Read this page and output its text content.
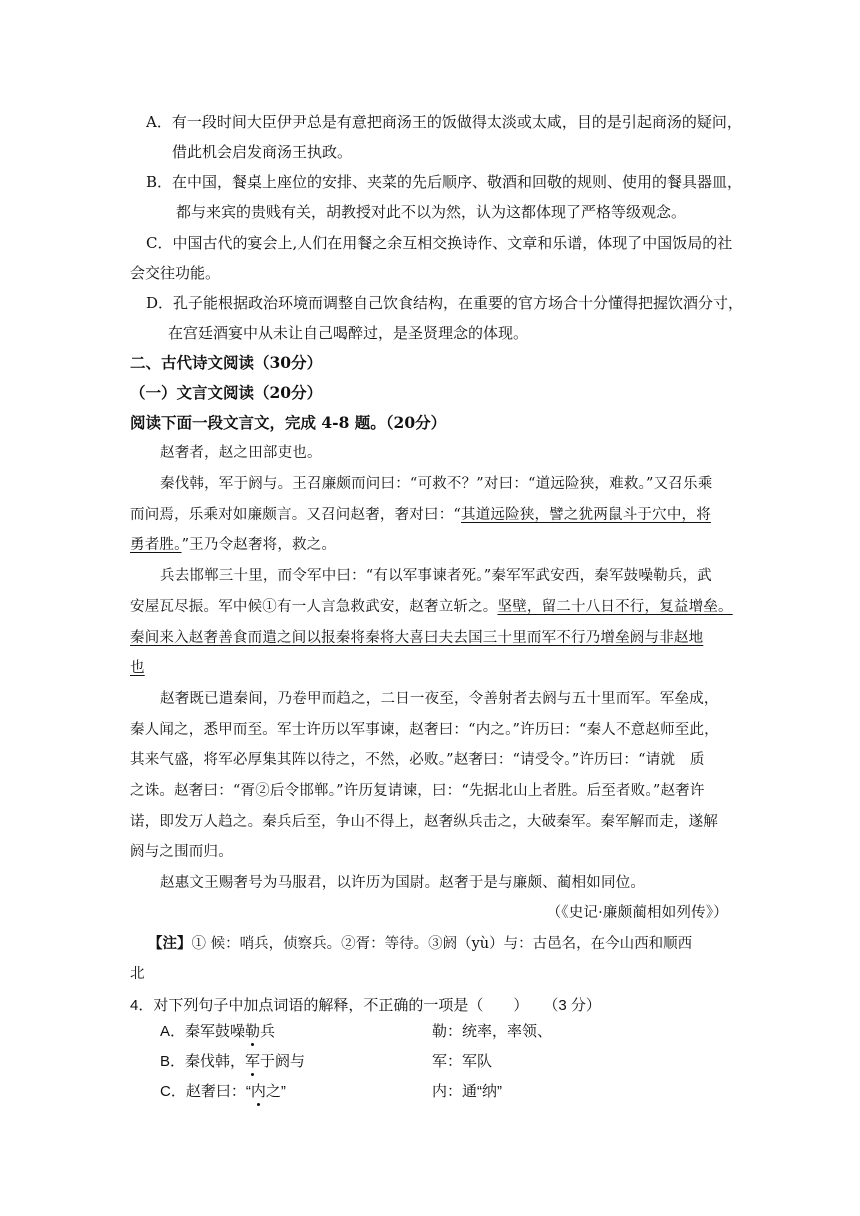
A．有一段时间大臣伊尹总是有意把商汤王的饭做得太淡或太咸，目的是引起商汤的疑问，
借此机会启发商汤王执政。
B．在中国，餐桌上座位的安排、夹菜的先后顺序、敬酒和回敬的规则、使用的餐具器皿，
都与来宾的贵贱有关，胡教授对此不以为然，认为这都体现了严格等级观念。
C．中国古代的宴会上,人们在用餐之余互相交换诗作、文章和乐谱，体现了中国饭局的社
会交往功能。
D．孔子能根据政治环境而调整自己饮食结构，在重要的官方场合十分懂得把握饮酒分寸，
在宫廷酒宴中从未让自己喝醉过，是圣贤理念的体现。
二、古代诗文阅读（30分）
（一）文言文阅读（20分）
阅读下面一段文言文，完成 4-8 题。（20分）
赵奢者，赵之田部吏也。
秦伐韩，军于阏与。王召廉颇而问曰：“可救不？”对曰：“道远险狭，难救。”又召乐乘
而问焉，乐乘对如廉颇言。又召问赵奢，奢对曰：“其道远险狭，譬之犹两鼠斗于穴中，将
勇者胜。”王乃令赵奢将，救之。
兵去邯郸三十里，而令军中曰：“有以军事谏者死。”秦军军武安西，秦军鼓噪勒兵，武
安屋瓦尽振。军中候①有一人言急救武安，赵奢立斩之。坚壁，留二十八日不行，复益增垒。
秦间来入赵奢善食而遣之间以报秦将秦将大喜曰夫去国三十里而军不行乃增垒阏与非赵地
也
赵奢既已遣秦间，乃卷甲而趋之，二日一夜至，令善射者去阏与五十里而军。军垒成，
秦人闻之，悉甲而至。军士许历以军事谏，赵奢曰：“内之。”许历曰：“秦人不意赵师至此，
其来气盛，将军必厚集其阵以待之，不然，必败。”赵奢曰：“请受令。”许历曰：“请就　质
之诛。赵奢曰：“胥②后令邯郸。”许历复请谏，曰：“先据北山上者胜。后至者败。”赵奢许
诺，即发万人趋之。秦兵后至，争山不得上，赵奢纵兵击之，大破秦军。秦军解而走，遂解
阏与之围而归。
赵惠文王赐奢号为马服君，以许历为国尉。赵奢于是与廉颇、蔺相如同位。
（《史记·廉颇蔺相如列传》）
【注】① 候：哨兵，侦察兵。②胥：等待。③阏（yù）与：古邑名，在今山西和顺西
北
4．对下列句子中加点词语的解释，不正确的一项是（　　）　　（3 分）
A．秦军鼓噪勒兵	勒：统率，率领、
B．秦伐韩，军于阏与	军：军队
C．赵奢曰：“内之”	内：通“纳”
